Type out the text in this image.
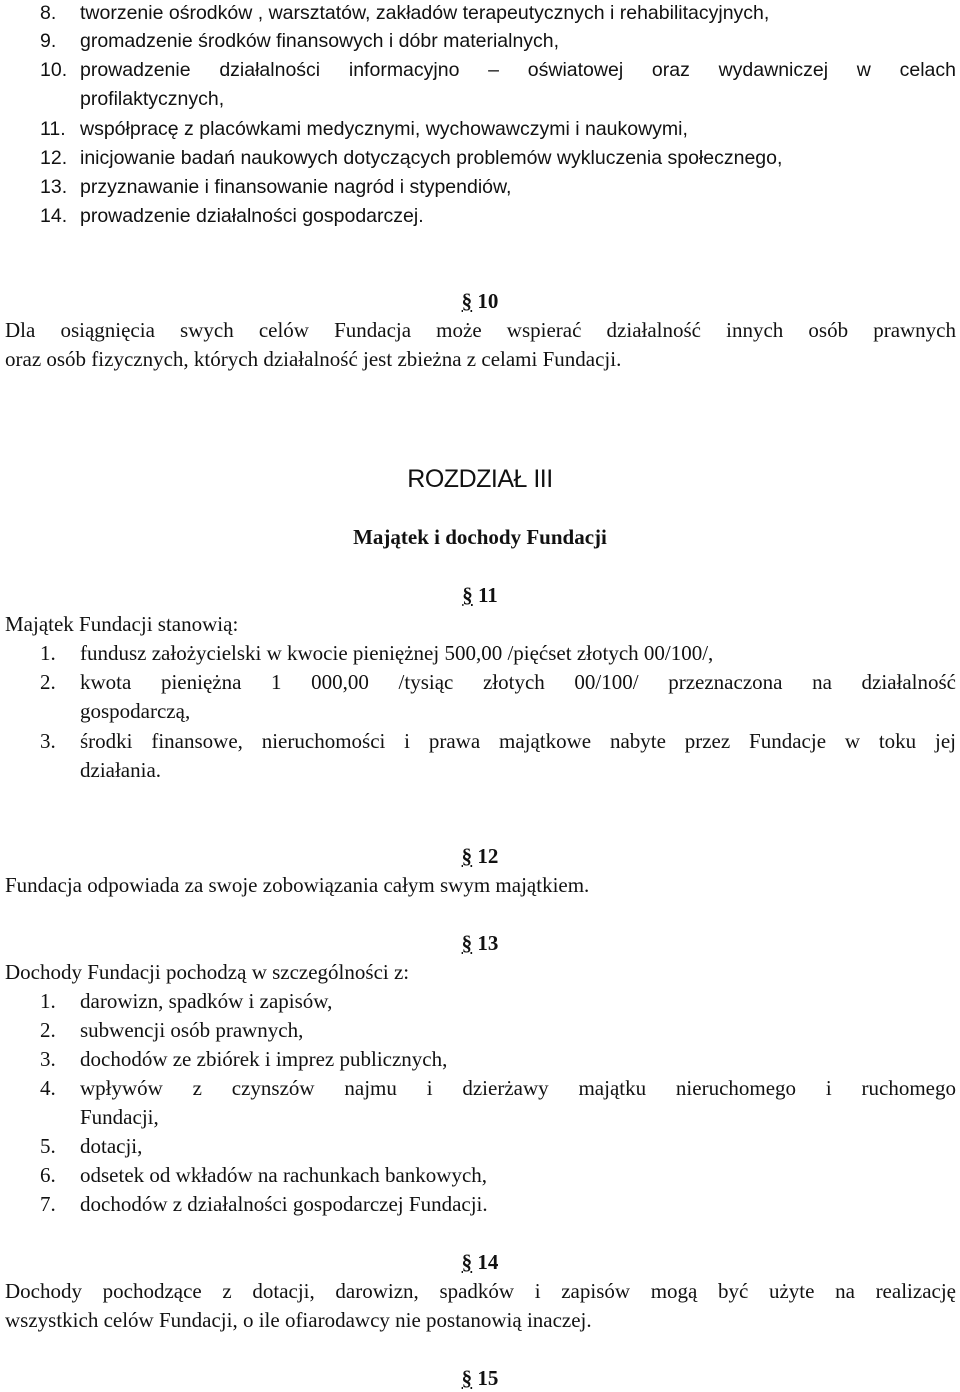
8. tworzenie ośrodków , warsztatów, zakładów terapeutycznych i rehabilitacyjnych,
9. gromadzenie środków finansowych i dóbr materialnych,
10. prowadzenie działalności informacyjno – oświatowej oraz wydawniczej w celach
profilaktycznych,
11. współpracę z placówkami medycznymi, wychowawczymi i naukowymi,
12. inicjowanie badań naukowych dotyczących problemów wykluczenia społecznego,
13. przyznawanie i finansowanie nagród i stypendiów,
14. prowadzenie działalności gospodarczej.
§ 10
Dla osiągnięcia swych celów Fundacja może wspierać działalność innych osób prawnych
oraz osób fizycznych, których działalność jest zbieżna z celami Fundacji.
ROZDZIAŁ III
Majątek i dochody Fundacji
§ 11
Majątek Fundacji stanowią:
1. fundusz założycielski w kwocie pieniężnej 500,00 /pięćset złotych 00/100/,
2. kwota pieniężna 1 000,00 /tysiąc złotych 00/100/ przeznaczona na działalność
gospodarczą,
3. środki finansowe, nieruchomości i prawa majątkowe nabyte przez Fundacje w toku jej
działania.
§ 12
Fundacja odpowiada za swoje zobowiązania całym swym majątkiem.
§ 13
Dochody Fundacji pochodzą w szczególności z:
1. darowizn, spadków i zapisów,
2. subwencji osób prawnych,
3. dochodów ze zbiórek i imprez publicznych,
4. wpływów z czynszów najmu i dzierżawy majątku nieruchomego i ruchomego
Fundacji,
5. dotacji,
6. odsetek od wkładów na rachunkach bankowych,
7. dochodów z działalności gospodarczej Fundacji.
§ 14
Dochody pochodzące z dotacji, darowizn, spadków i zapisów mogą być użyte na realizację
wszystkich celów Fundacji, o ile ofiarodawcy nie postanowią inaczej.
§ 15
